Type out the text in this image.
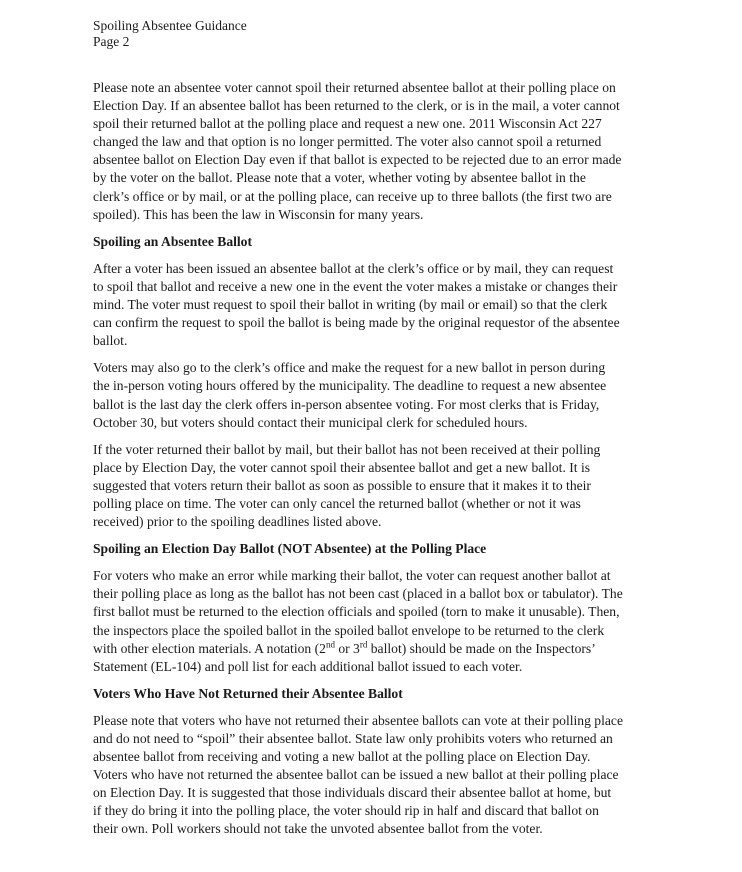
Spoiling Absentee Guidance
Page 2
Please note an absentee voter cannot spoil their returned absentee ballot at their polling place on
Election Day. If an absentee ballot has been returned to the clerk, or is in the mail, a voter cannot
spoil their returned ballot at the polling place and request a new one. 2011 Wisconsin Act 227
changed the law and that option is no longer permitted. The voter also cannot spoil a returned
absentee ballot on Election Day even if that ballot is expected to be rejected due to an error made
by the voter on the ballot. Please note that a voter, whether voting by absentee ballot in the
clerk’s office or by mail, or at the polling place, can receive up to three ballots (the first two are
spoiled). This has been the law in Wisconsin for many years.
Spoiling an Absentee Ballot
After a voter has been issued an absentee ballot at the clerk’s office or by mail, they can request
to spoil that ballot and receive a new one in the event the voter makes a mistake or changes their
mind. The voter must request to spoil their ballot in writing (by mail or email) so that the clerk
can confirm the request to spoil the ballot is being made by the original requestor of the absentee
ballot.
Voters may also go to the clerk’s office and make the request for a new ballot in person during
the in-person voting hours offered by the municipality. The deadline to request a new absentee
ballot is the last day the clerk offers in-person absentee voting. For most clerks that is Friday,
October 30, but voters should contact their municipal clerk for scheduled hours.
If the voter returned their ballot by mail, but their ballot has not been received at their polling
place by Election Day, the voter cannot spoil their absentee ballot and get a new ballot. It is
suggested that voters return their ballot as soon as possible to ensure that it makes it to their
polling place on time. The voter can only cancel the returned ballot (whether or not it was
received) prior to the spoiling deadlines listed above.
Spoiling an Election Day Ballot (NOT Absentee) at the Polling Place
For voters who make an error while marking their ballot, the voter can request another ballot at
their polling place as long as the ballot has not been cast (placed in a ballot box or tabulator). The
first ballot must be returned to the election officials and spoiled (torn to make it unusable). Then,
the inspectors place the spoiled ballot in the spoiled ballot envelope to be returned to the clerk
with other election materials. A notation (2nd or 3rd ballot) should be made on the Inspectors’
Statement (EL-104) and poll list for each additional ballot issued to each voter.
Voters Who Have Not Returned their Absentee Ballot
Please note that voters who have not returned their absentee ballots can vote at their polling place
and do not need to “spoil” their absentee ballot. State law only prohibits voters who returned an
absentee ballot from receiving and voting a new ballot at the polling place on Election Day.
Voters who have not returned the absentee ballot can be issued a new ballot at their polling place
on Election Day. It is suggested that those individuals discard their absentee ballot at home, but
if they do bring it into the polling place, the voter should rip in half and discard that ballot on
their own. Poll workers should not take the unvoted absentee ballot from the voter.
